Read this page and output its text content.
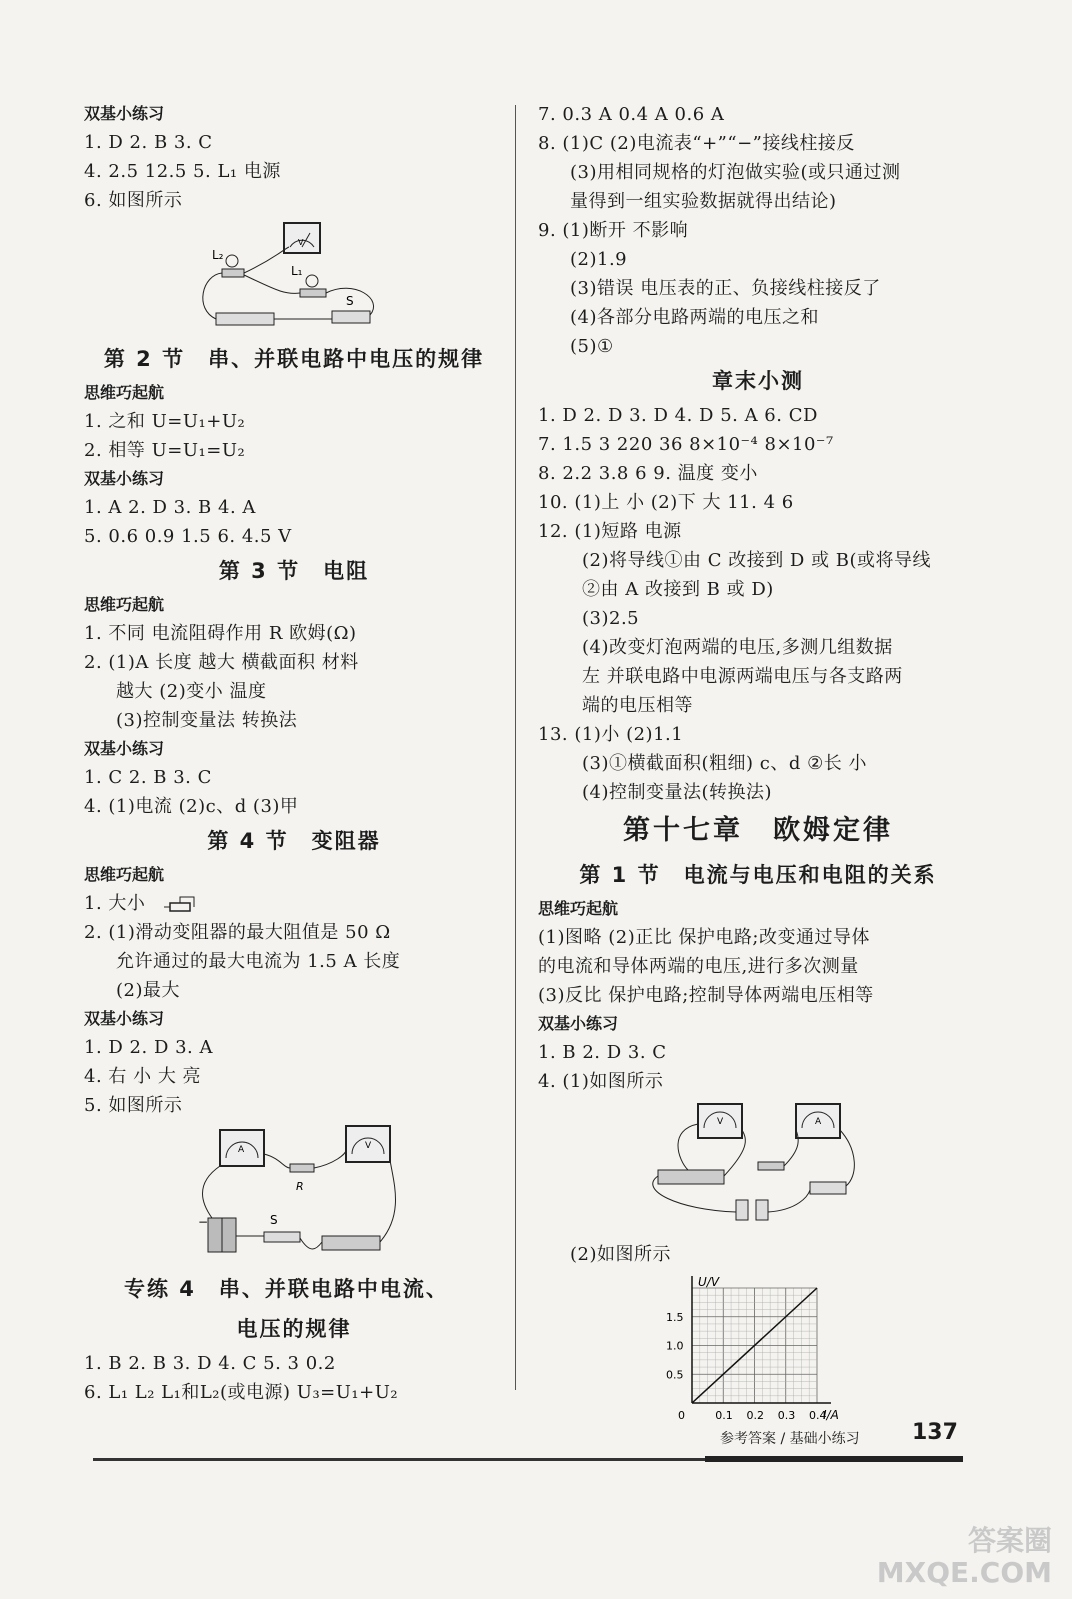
双基小练习
1. D 2. B 3. C
4. 2.5 12.5 5. L₁ 电源
6. 如图所示
V
L₂
L₁
S
第 2 节　串、并联电路中电压的规律
思维巧起航
1. 之和 U=U₁+U₂
2. 相等 U=U₁=U₂
双基小练习
1. A 2. D 3. B 4. A
5. 0.6 0.9 1.5 6. 4.5 V
第 3 节　电阻
思维巧起航
1. 不同 电流阻碍作用 R 欧姆(Ω)
2. (1)A 长度 越大 横截面积 材料
越大 (2)变小 温度
(3)控制变量法 转换法
双基小练习
1. C 2. B 3. C
4. (1)电流 (2)c、d (3)甲
第 4 节　变阻器
思维巧起航
1. 大小
2. (1)滑动变阻器的最大阻值是 50 Ω
允许通过的最大电流为 1.5 A 长度
(2)最大
双基小练习
1. D 2. D 3. A
4. 右 小 大 亮
5. 如图所示
A	V
R
−	S
专练 4　串、并联电路中电流、
电压的规律
1. B 2. B 3. D 4. C 5. 3 0.2
6. L₁ L₂ L₁和L₂(或电源) U₃=U₁+U₂
7. 0.3 A 0.4 A 0.6 A
8. (1)C (2)电流表“+”“−”接线柱接反
(3)用相同规格的灯泡做实验(或只通过测
量得到一组实验数据就得出结论)
9. (1)断开 不影响
(2)1.9
(3)错误 电压表的正、负接线柱接反了
(4)各部分电路两端的电压之和
(5)①
章末小测
1. D 2. D 3. D 4. D 5. A 6. CD
7. 1.5 3 220 36 8×10⁻⁴ 8×10⁻⁷
8. 2.2 3.8 6 9. 温度 变小
10. (1)上 小 (2)下 大 11. 4 6
12. (1)短路 电源
(2)将导线①由 C 改接到 D 或 B(或将导线
②由 A 改接到 B 或 D)
(3)2.5
(4)改变灯泡两端的电压,多测几组数据
左 并联电路中电源两端电压与各支路两
端的电压相等
13. (1)小 (2)1.1
(3)①横截面积(粗细) c、d ②长 小
(4)控制变量法(转换法)
第十七章　欧姆定律
第 1 节　电流与电压和电阻的关系
思维巧起航
(1)图略 (2)正比 保护电路;改变通过导体
的电流和导体两端的电压,进行多次测量
(3)反比 保护电路;控制导体两端电压相等
双基小练习
1. B 2. D 3. C
4. (1)如图所示
V	A
(2)如图所示
U/V
I/A
0	0.1 0.2 0.3 0.4
0.5
1.0
1.5
参考答案 / 基础小练习 137
答案圈
MXQE.COM
